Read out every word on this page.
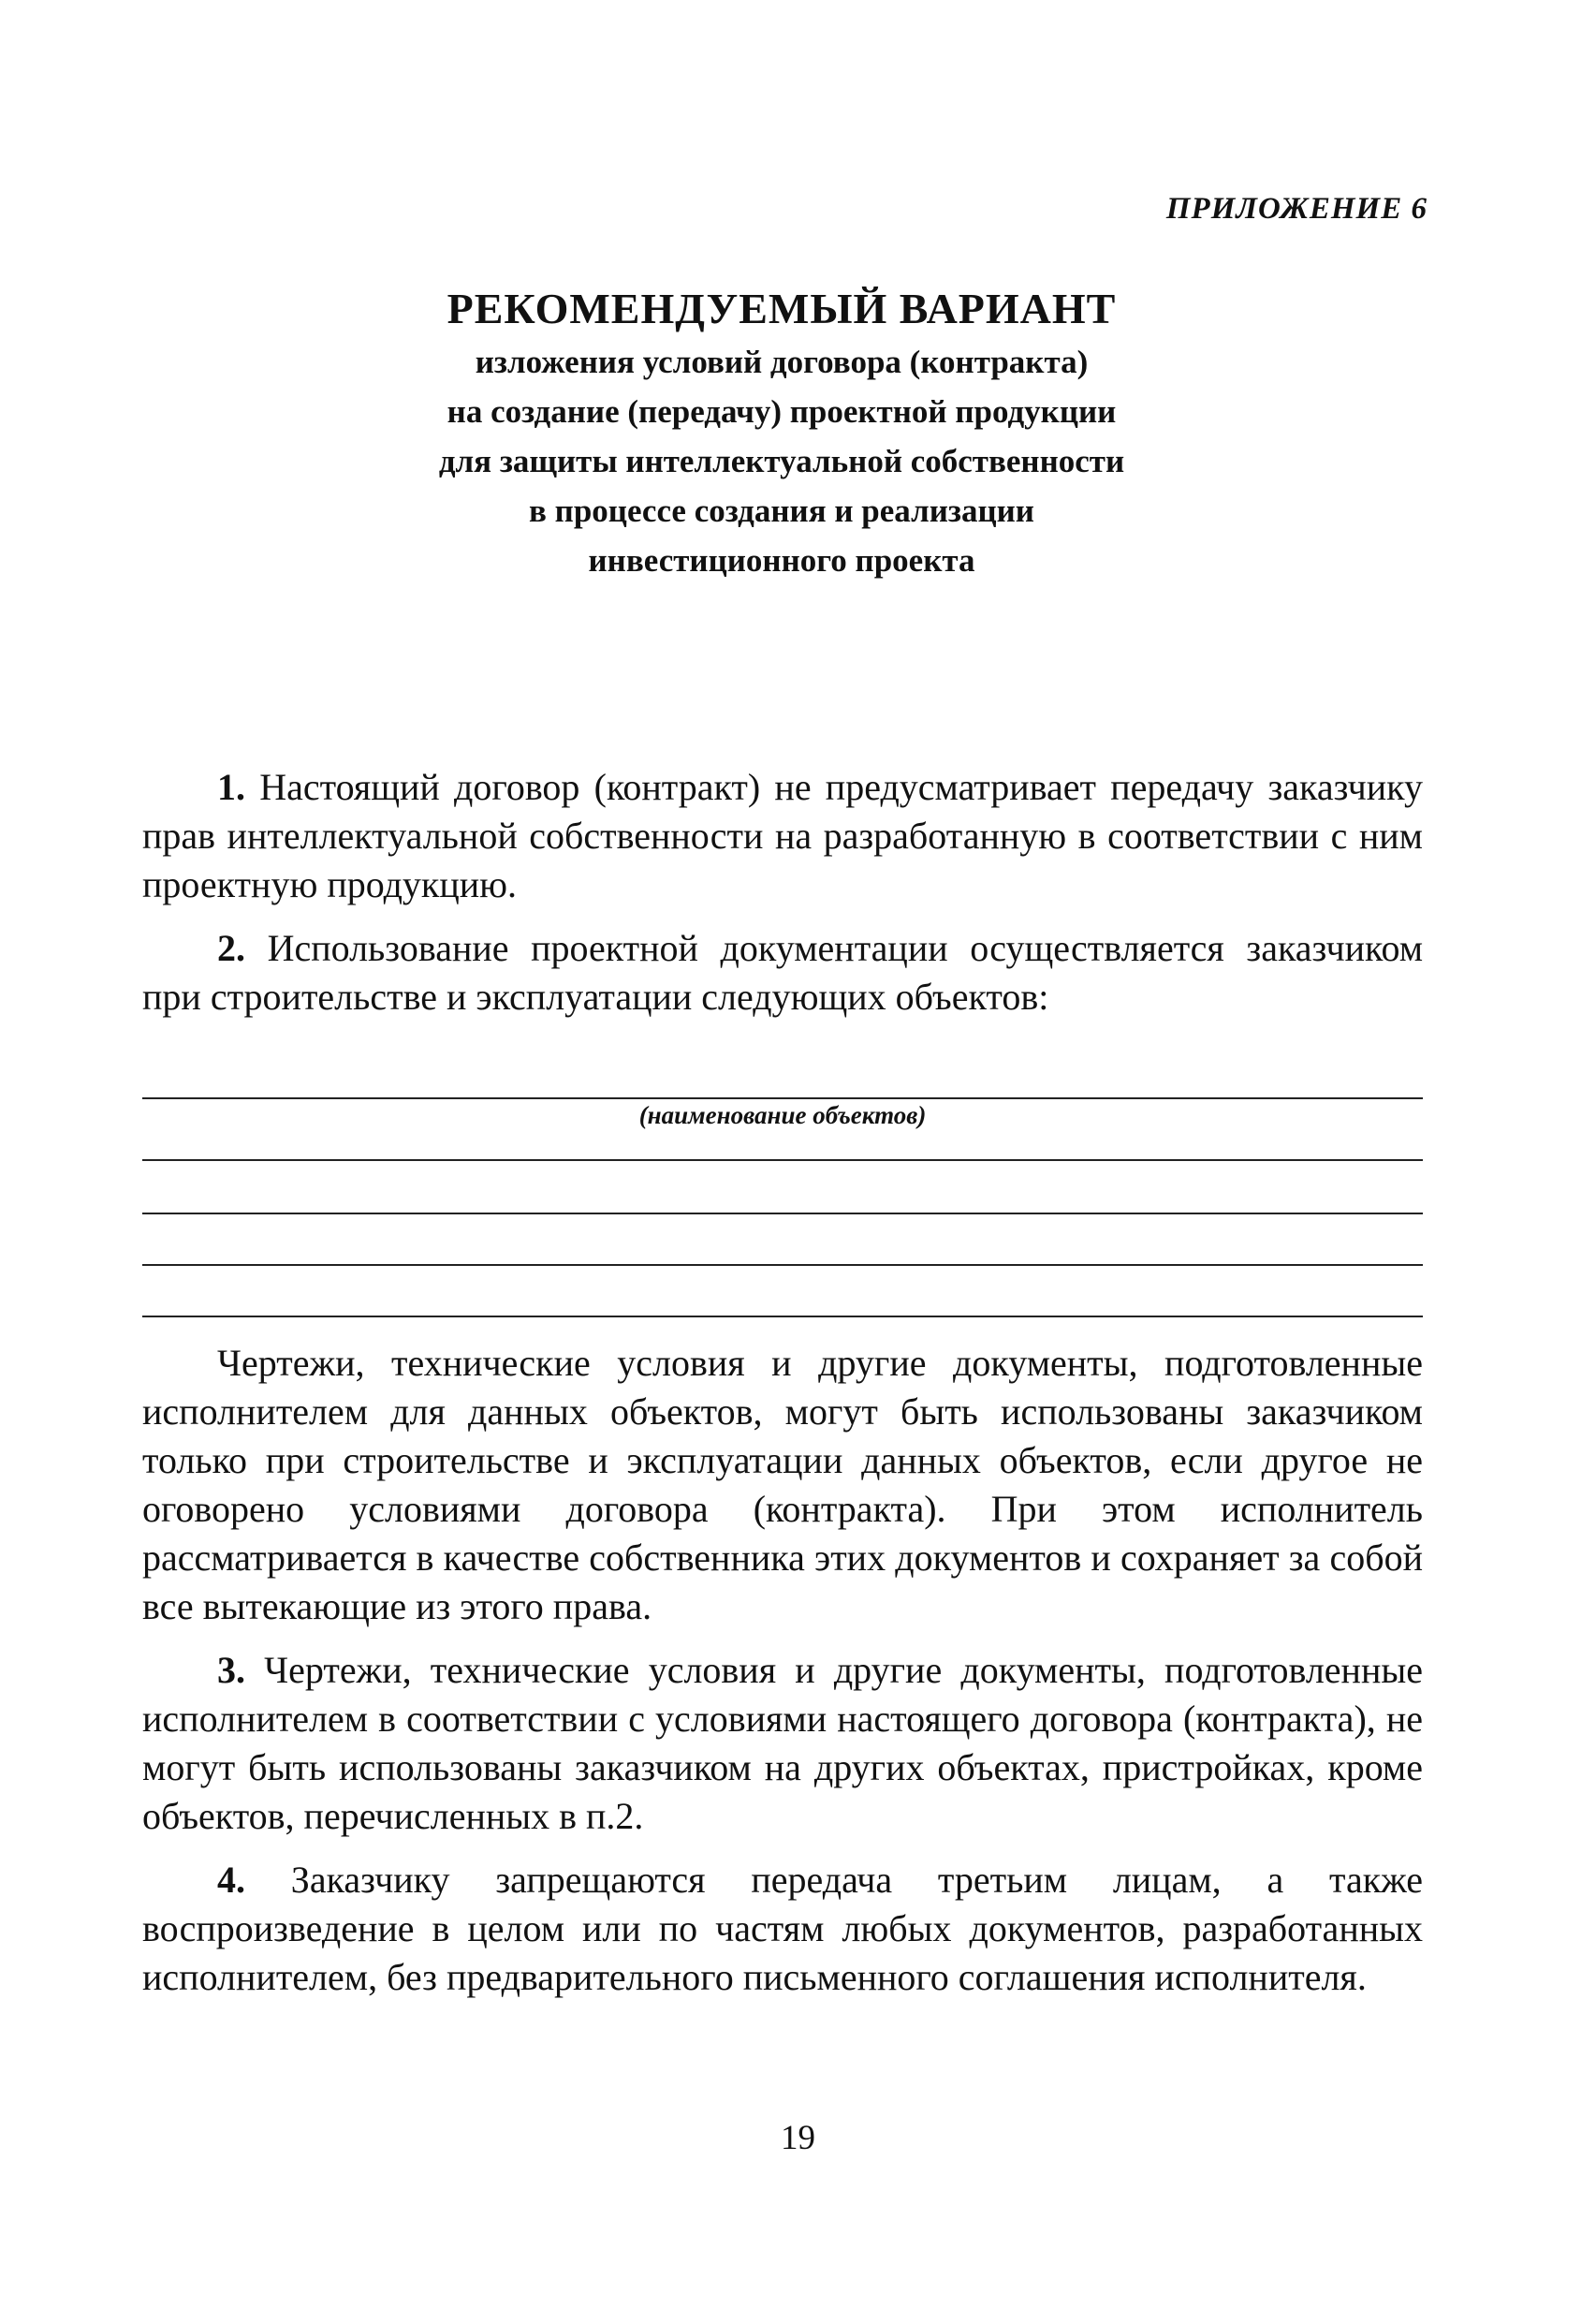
ПРИЛОЖЕНИЕ 6
РЕКОМЕНДУЕМЫЙ ВАРИАНТ
изложения условий договора (контракта)
на создание (передачу) проектной продукции
для защиты интеллектуальной собственности
в процессе создания и реализации
инвестиционного проекта

1. Настоящий договор (контракт) не предусматривает передачу заказчику прав интеллектуальной собственности на разработанную в соответствии с ним проектную продукцию.

2. Использование проектной документации осуществляется заказчиком при строительстве и эксплуатации следующих объектов:

(наименование объектов)

Чертежи, технические условия и другие документы, подготовленные исполнителем для данных объектов, могут быть использованы заказчиком только при строительстве и эксплуатации данных объектов, если другое не оговорено условиями договора (контракта). При этом исполнитель рассматривается в качестве собственника этих документов и сохраняет за собой все вытекающие из этого права.

3. Чертежи, технические условия и другие документы, подготовленные исполнителем в соответствии с условиями настоящего договора (контракта), не могут быть использованы заказчиком на других объектах, пристройках, кроме объектов, перечисленных в п.2.

4. Заказчику запрещаются передача третьим лицам, а также воспроизведение в целом или по частям любых документов, разработанных исполнителем, без предварительного письменного соглашения исполнителя.

19
